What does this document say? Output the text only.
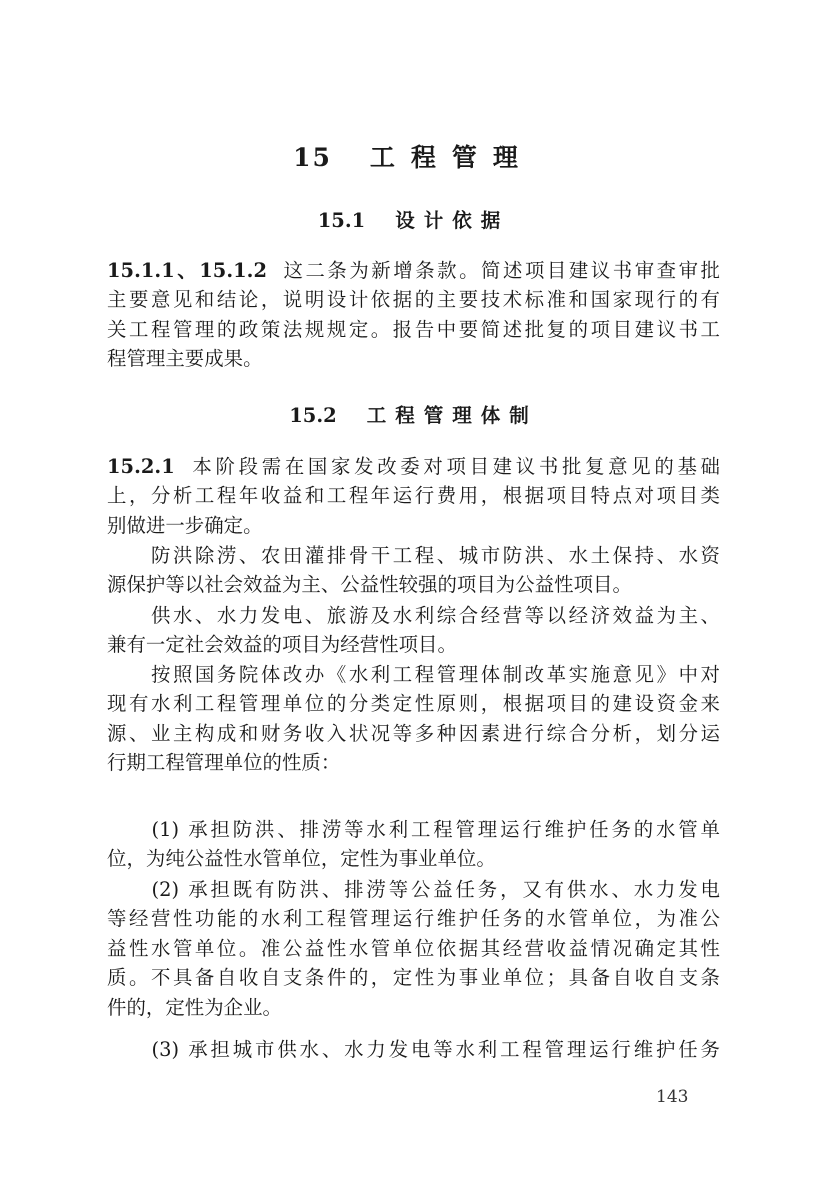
15 工程管理
15.1 设计依据
15.1.1、15.1.2 这二条为新增条款。简述项目建议书审查审批
主要意见和结论，说明设计依据的主要技术标准和国家现行的有
关工程管理的政策法规规定。报告中要简述批复的项目建议书工
程管理主要成果。
15.2 工程管理体制
15.2.1 本阶段需在国家发改委对项目建议书批复意见的基础
上，分析工程年收益和工程年运行费用，根据项目特点对项目类
别做进一步确定。
　　防洪除涝、农田灌排骨干工程、城市防洪、水土保持、水资
源保护等以社会效益为主、公益性较强的项目为公益性项目。
　　供水、水力发电、旅游及水利综合经营等以经济效益为主、
兼有一定社会效益的项目为经营性项目。
　　按照国务院体改办《水利工程管理体制改革实施意见》中对
现有水利工程管理单位的分类定性原则，根据项目的建设资金来
源、业主构成和财务收入状况等多种因素进行综合分析，划分运
行期工程管理单位的性质：
　　(1) 承担防洪、排涝等水利工程管理运行维护任务的水管单
位，为纯公益性水管单位，定性为事业单位。
　　(2) 承担既有防洪、排涝等公益任务，又有供水、水力发电
等经营性功能的水利工程管理运行维护任务的水管单位，为准公
益性水管单位。准公益性水管单位依据其经营收益情况确定其性
质。不具备自收自支条件的，定性为事业单位；具备自收自支条
件的，定性为企业。
　　(3) 承担城市供水、水力发电等水利工程管理运行维护任务
143
